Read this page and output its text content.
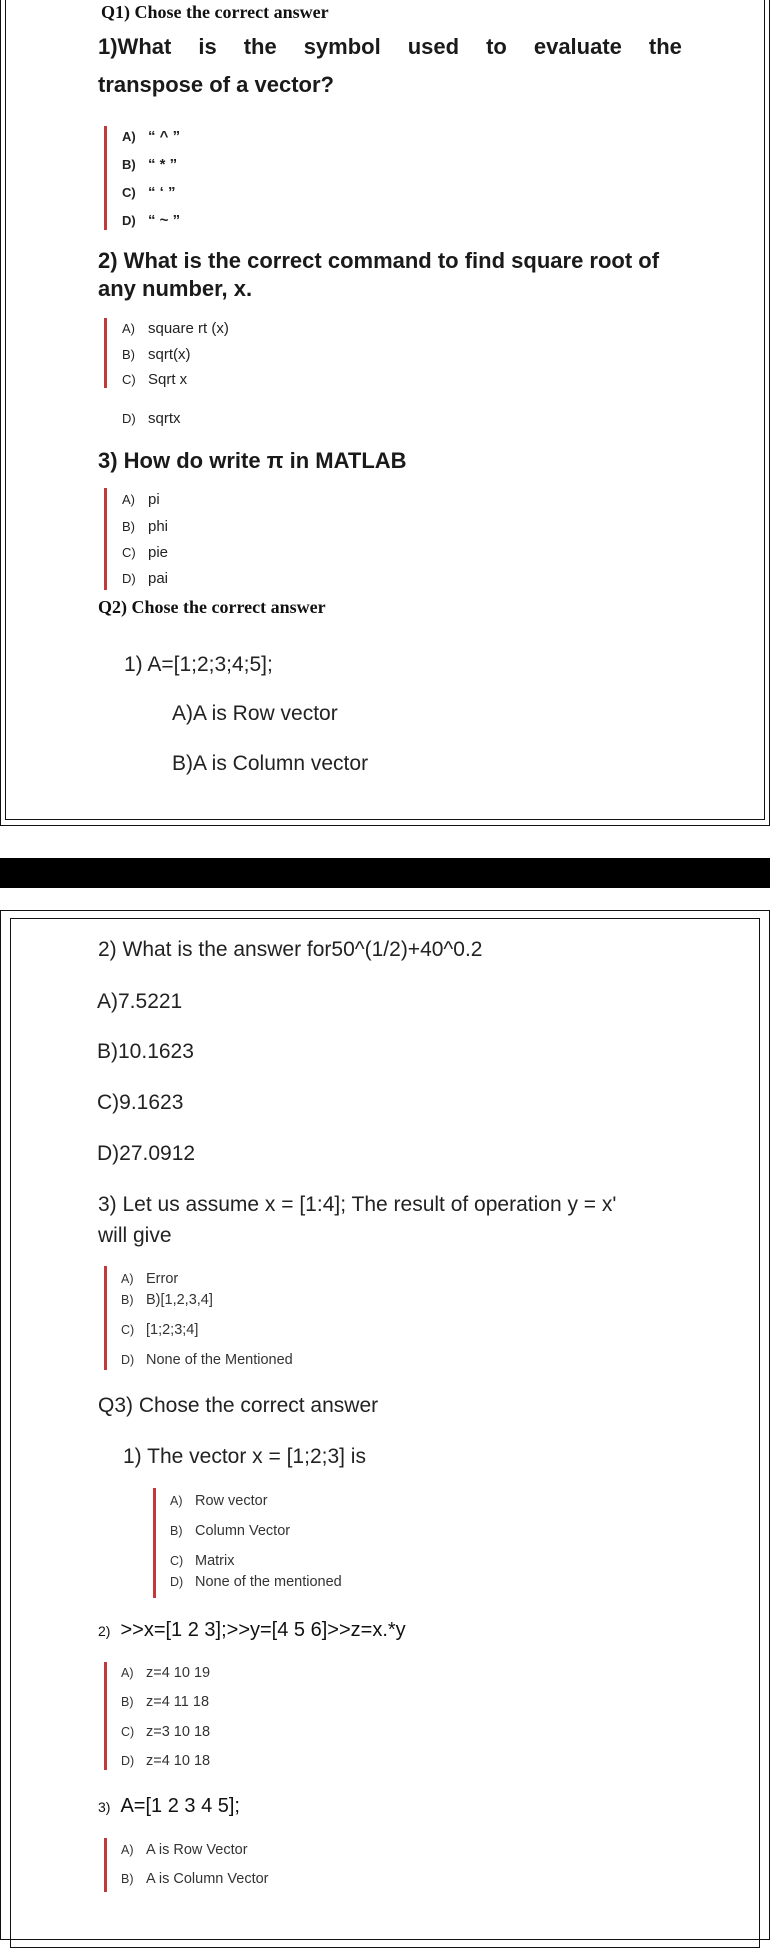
Q1) Chose the correct answer
1)What is the symbol used to evaluate the
transpose of a vector?
A) “ ^ ”
B) “ * ”
C) “ ‘ ”
D) “ ~ ”
2) What is the correct command to find square root of
any number, x.
A) square rt (x)
B) sqrt(x)
C) Sqrt x
D) sqrtx
3) How do write π in MATLAB
A) pi
B) phi
C) pie
D) pai
Q2) Chose the correct answer
1) A=[1;2;3;4;5];
A)A is Row vector
B)A is Column vector
2) What is the answer for50^(1/2)+40^0.2
A)7.5221
B)10.1623
C)9.1623
D)27.0912
3) Let us assume x = [1:4]; The result of operation y = x'
will give
A) Error
B) B)[1,2,3,4]
C) [1;2;3;4]
D) None of the Mentioned
Q3) Chose the correct answer
1) The vector x = [1;2;3] is
A) Row vector
B) Column Vector
C) Matrix
D) None of the mentioned
2) >>x=[1 2 3];>>y=[4 5 6]>>z=x.*y
A) z=4 10 19
B) z=4 11 18
C) z=3 10 18
D) z=4 10 18
3) A=[1 2 3 4 5];
A) A is Row Vector
B) A is Column Vector
